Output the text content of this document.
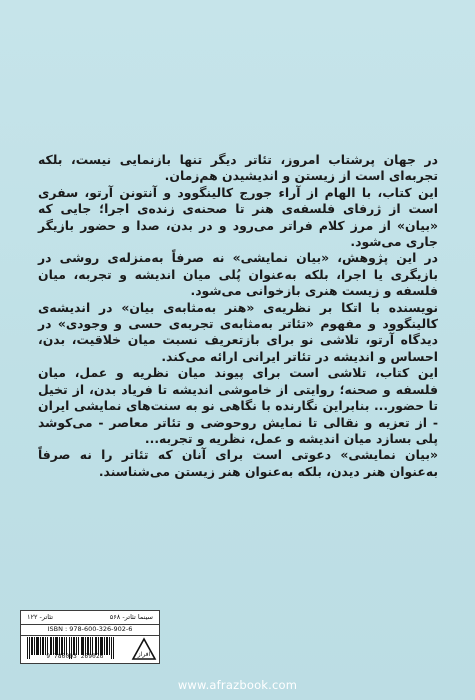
در جهان پرشتاب امروز، تئاتر دیگر تنها بازنمایی نیست، بلکه تجربه‌ای است از زیستن و اندیشیدن هم‌زمان.

این کتاب، با الهام از آراء جورج کالینگوود و آنتونن آرتو، سفری است از ژرفای فلسفه‌ی هنر تا صحنه‌ی زنده‌ی اجرا؛ جایی که «بیان» از مرز کلام فراتر می‌رود و در بدن، صدا و حضور بازیگر جاری می‌شود.

در این پژوهش، «بیان نمایشی» نه صرفاً به‌منزله‌ی روشی در بازیگری یا اجرا، بلکه به‌عنوان پُلی میان اندیشه و تجربه، میان فلسفه و زیست هنری بازخوانی می‌شود.

نویسنده با اتکا بر نظریه‌ی «هنر به‌مثابه‌ی بیان» در اندیشه‌ی کالینگوود و مفهوم «تئاتر به‌مثابه‌ی تجربه‌ی حسی و وجودی» در دیدگاه آرتو، تلاشی نو برای بازتعریف نسبت میان خلاقیت، بدن، احساس و اندیشه در تئاتر ایرانی ارائه می‌کند.

این کتاب، تلاشی است برای پیوند میان نظریه و عمل، میان فلسفه و صحنه؛ روایتی از خاموشی اندیشه تا فریاد بدن، از تخیل تا حضور... بنابراین نگارنده با نگاهی نو به سنت‌های نمایشی ایران - از تعزیه و نقالی تا نمایش روحوضی و تئاتر معاصر - می‌کوشد پلی بسازد میان اندیشه و عمل، نظریه و تجربه...

«بیان نمایشی» دعوتی است برای آنان که تئاتر را نه صرفاً به‌عنوان هنر دیدن، بلکه به‌عنوان هنر زیستن می‌شناسند.

سینما تئاتر- ۵۶۸
تئاتر- ۱۲۲
ISBN : 978-600-326-902-6
9 786003 269026	افراز
www.afrazbook.com
